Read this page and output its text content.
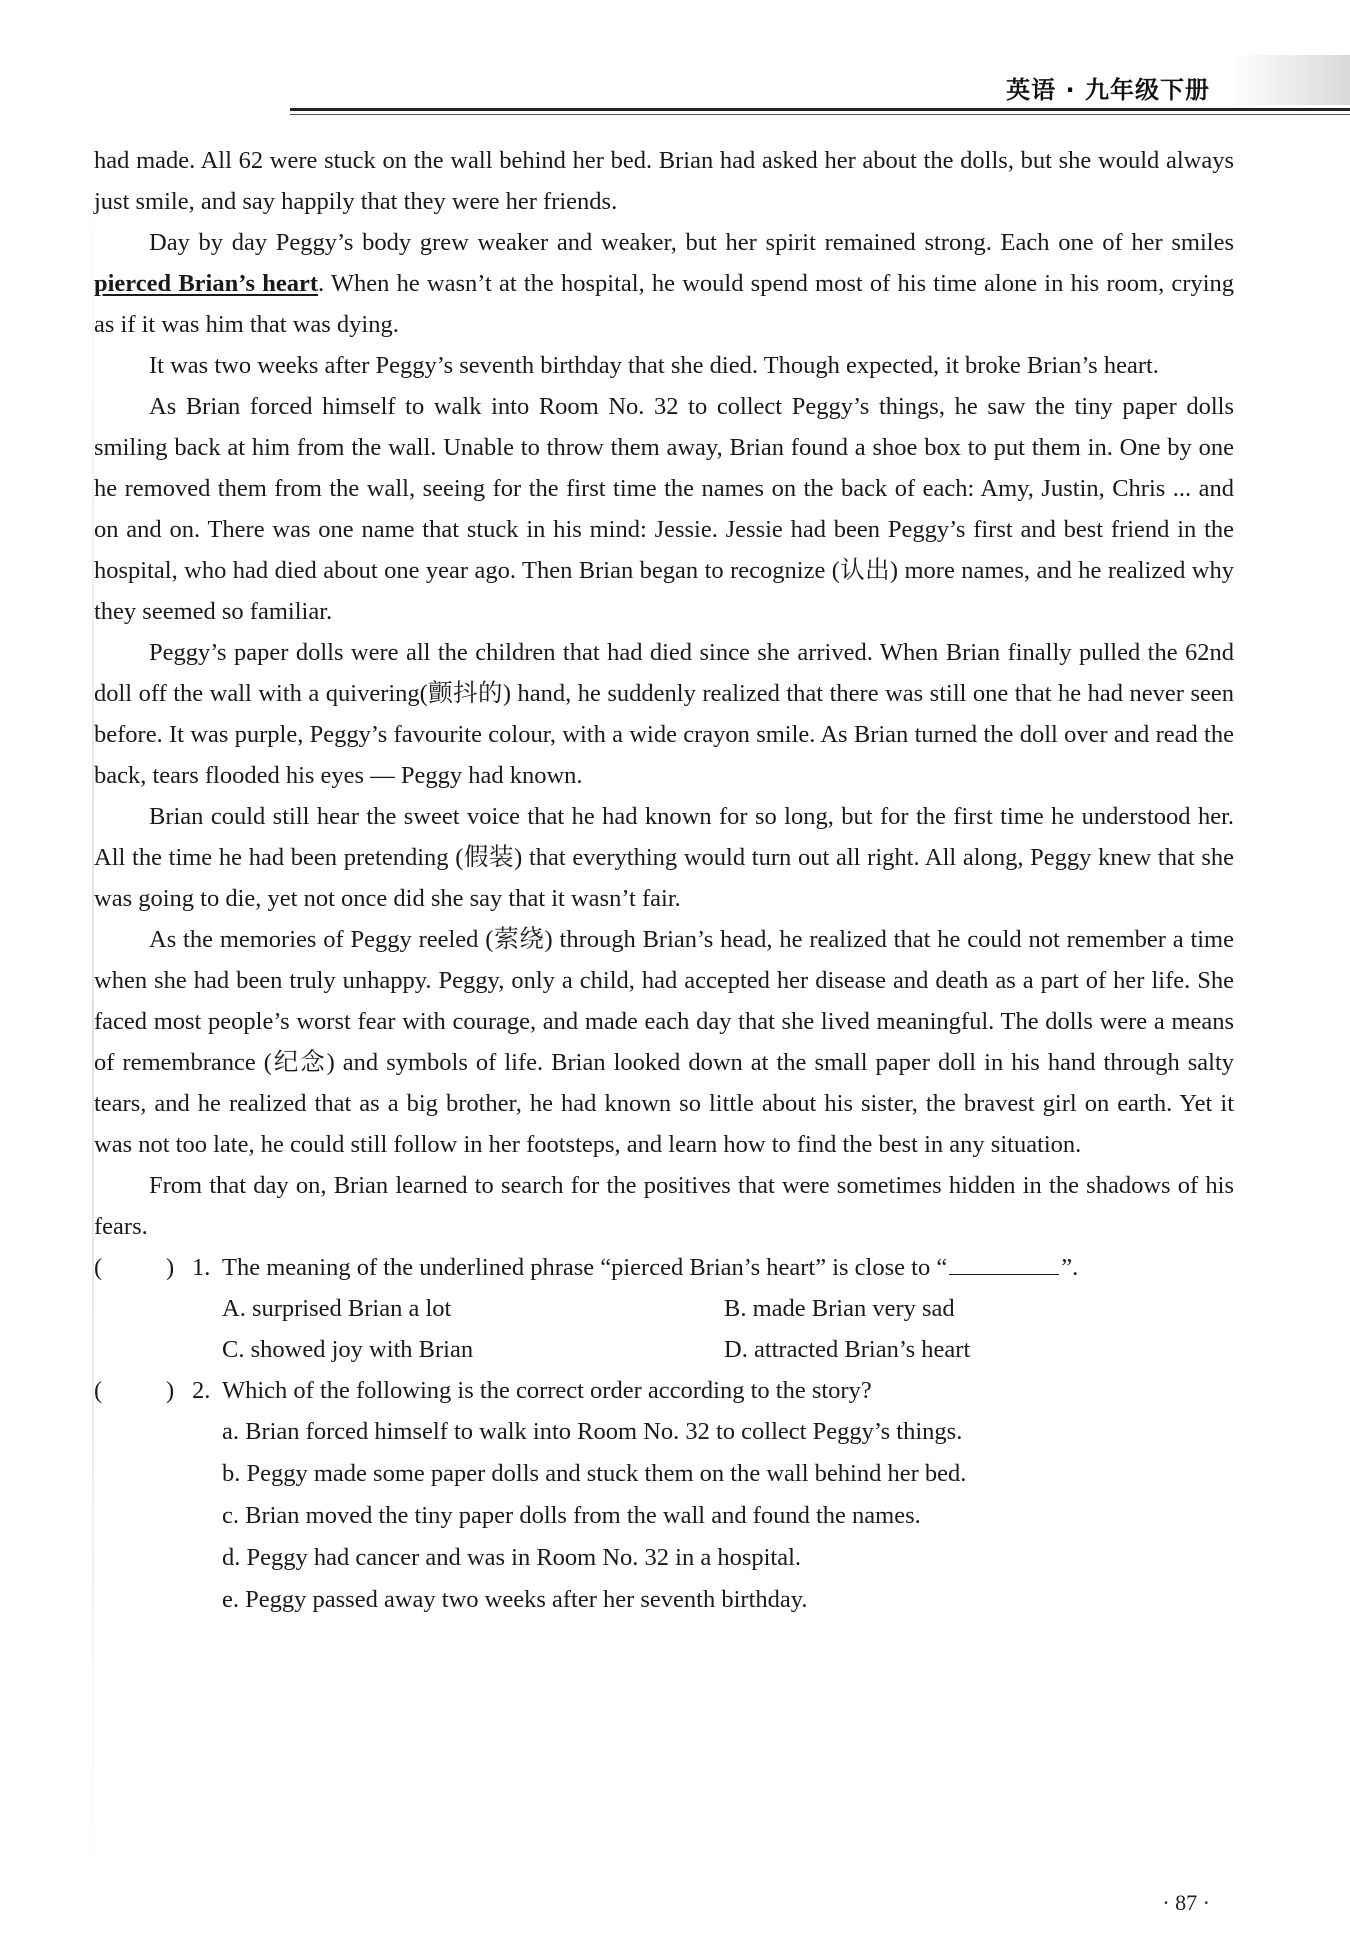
英语 · 九年级下册

had made. All 62 were stuck on the wall behind her bed. Brian had asked her about the dolls, but she would always just smile, and say happily that they were her friends.

Day by day Peggy’s body grew weaker and weaker, but her spirit remained strong. Each one of her smiles pierced Brian’s heart. When he wasn’t at the hospital, he would spend most of his time alone in his room, crying as if it was him that was dying.

It was two weeks after Peggy’s seventh birthday that she died. Though expected, it broke Brian’s heart.

As Brian forced himself to walk into Room No. 32 to collect Peggy’s things, he saw the tiny paper dolls smiling back at him from the wall. Unable to throw them away, Brian found a shoe box to put them in. One by one he removed them from the wall, seeing for the first time the names on the back of each: Amy, Justin, Chris ... and on and on. There was one name that stuck in his mind: Jessie. Jessie had been Peggy’s first and best friend in the hospital, who had died about one year ago. Then Brian began to recognize (认出) more names, and he realized why they seemed so familiar.

Peggy’s paper dolls were all the children that had died since she arrived. When Brian finally pulled the 62nd doll off the wall with a quivering(颤抖的) hand, he suddenly realized that there was still one that he had never seen before. It was purple, Peggy’s favourite colour, with a wide crayon smile. As Brian turned the doll over and read the back, tears flooded his eyes — Peggy had known.

Brian could still hear the sweet voice that he had known for so long, but for the first time he understood her. All the time he had been pretending (假装) that everything would turn out all right. All along, Peggy knew that she was going to die, yet not once did she say that it wasn’t fair.

As the memories of Peggy reeled (萦绕) through Brian’s head, he realized that he could not remember a time when she had been truly unhappy. Peggy, only a child, had accepted her disease and death as a part of her life. She faced most people’s worst fear with courage, and made each day that she lived meaningful. The dolls were a means of remembrance (纪念) and symbols of life. Brian looked down at the small paper doll in his hand through salty tears, and he realized that as a big brother, he had known so little about his sister, the bravest girl on earth. Yet it was not too late, he could still follow in her footsteps, and learn how to find the best in any situation.

From that day on, Brian learned to search for the positives that were sometimes hidden in the shadows of his fears.

(	) 1. The meaning of the underlined phrase “pierced Brian’s heart” is close to “	”.
A. surprised Brian a lot	B. made Brian very sad
C. showed joy with Brian	D. attracted Brian’s heart
(	) 2. Which of the following is the correct order according to the story?

a. Brian forced himself to walk into Room No. 32 to collect Peggy’s things.

b. Peggy made some paper dolls and stuck them on the wall behind her bed.

c. Brian moved the tiny paper dolls from the wall and found the names.

d. Peggy had cancer and was in Room No. 32 in a hospital.

e. Peggy passed away two weeks after her seventh birthday.

· 87 ·
